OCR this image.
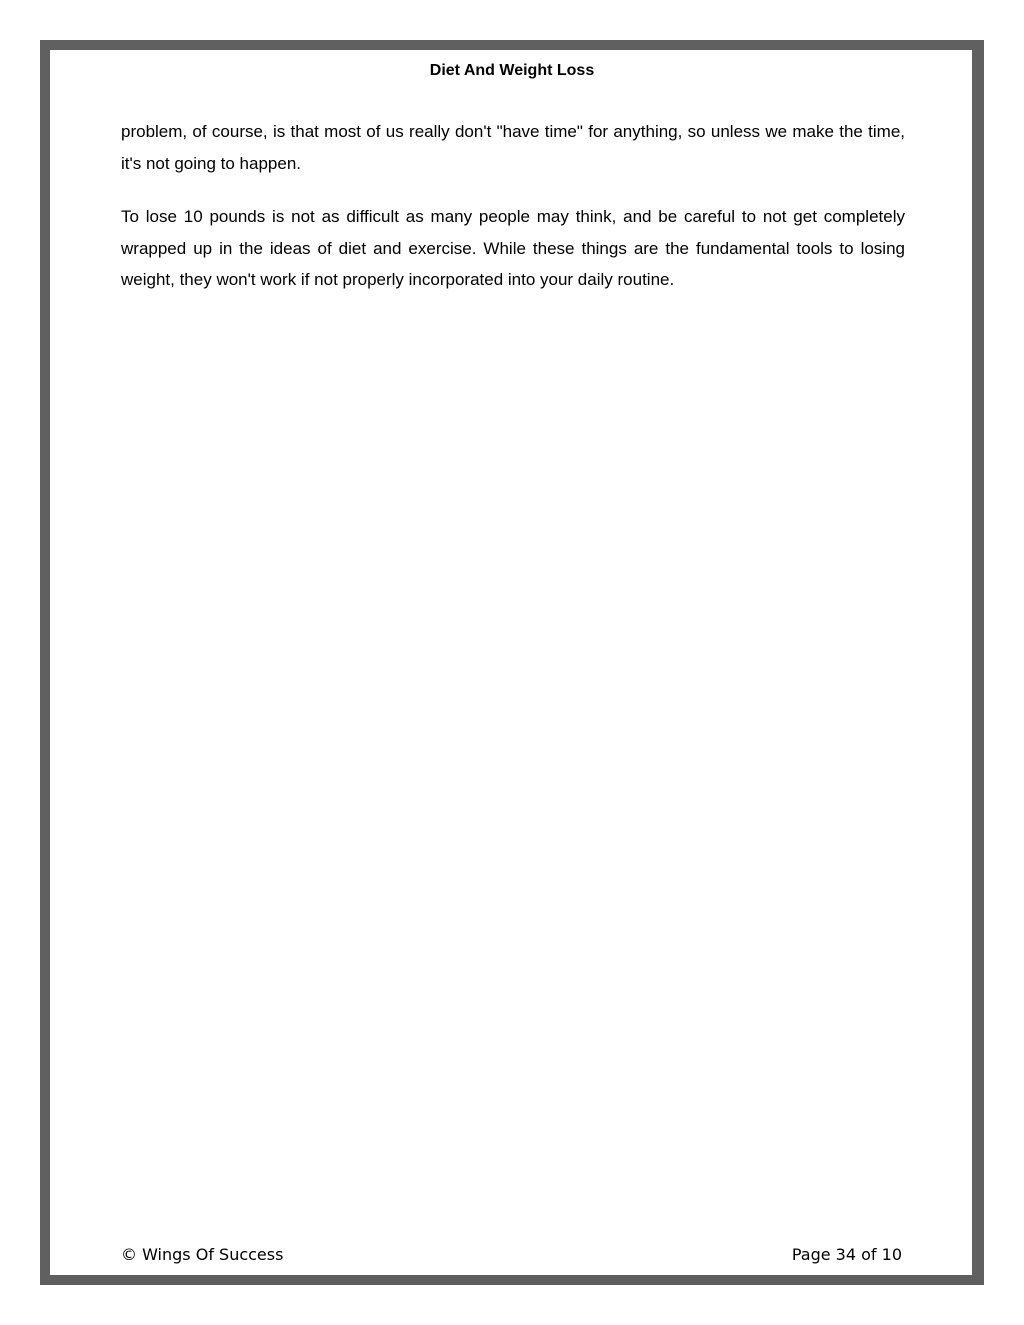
Diet And Weight Loss

problem, of course, is that most of us really don't "have time" for anything, so unless we make the time, it's not going to happen.

To lose 10 pounds is not as difficult as many people may think, and be careful to not get completely wrapped up in the ideas of diet and exercise. While these things are the fundamental tools to losing weight, they won't work if not properly incorporated into your daily routine.

© Wings Of Success	Page 34 of 10
